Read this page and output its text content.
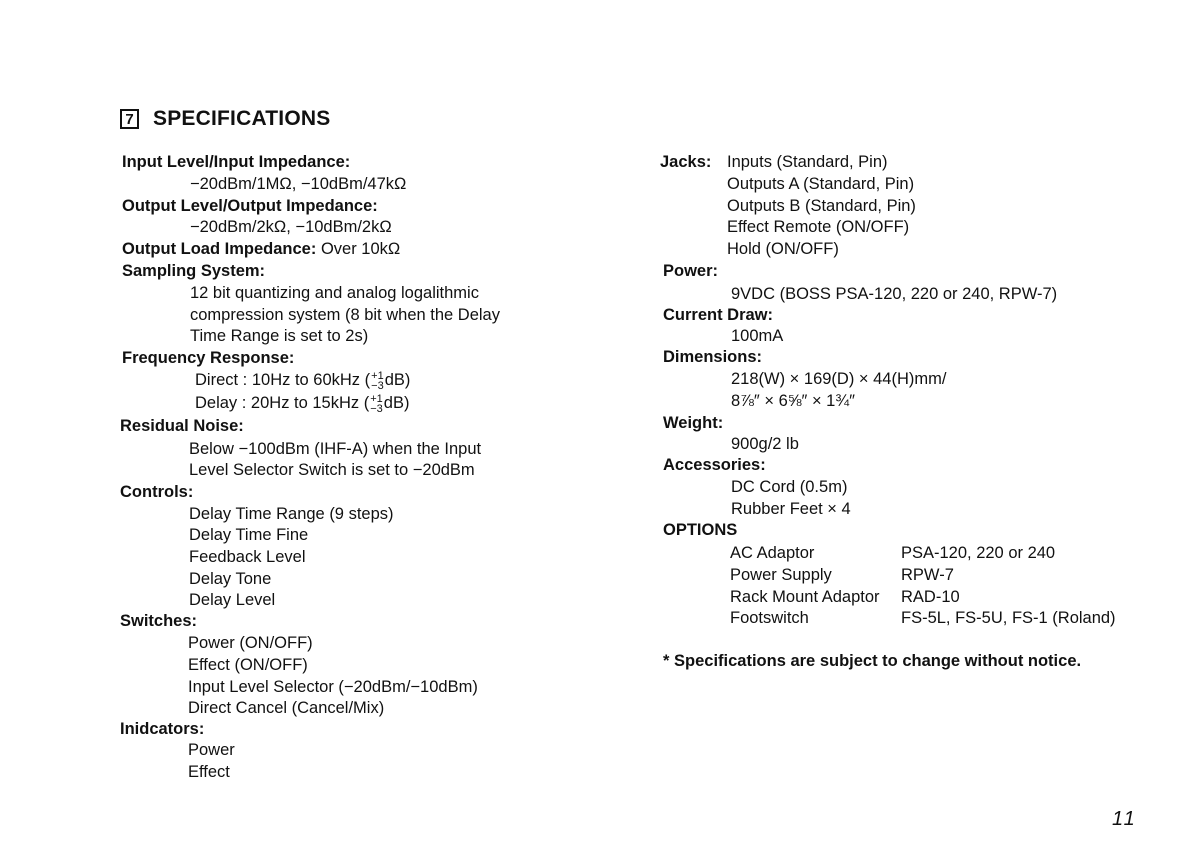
7 SPECIFICATIONS
Input Level/Input Impedance:
−20dBm/1MΩ, −10dBm/47kΩ
Output Level/Output Impedance:
−20dBm/2kΩ, −10dBm/2kΩ
Output Load Impedance: Over 10kΩ
Sampling System:
12 bit quantizing and analog logalithmic
compression system (8 bit when the Delay
Time Range is set to 2s)
Frequency Response:
Direct : 10Hz to 60kHz ( +1
−3 dB)
Delay : 20Hz to 15kHz ( +1
−3 dB)
Residual Noise:
Below −100dBm (IHF-A) when the Input
Level Selector Switch is set to −20dBm
Controls:
Delay Time Range (9 steps)
Delay Time Fine
Feedback Level
Delay Tone
Delay Level
Switches:
Power (ON/OFF)
Effect (ON/OFF)
Input Level Selector (−20dBm/−10dBm)
Direct Cancel (Cancel/Mix)
Inidcators:
Power
Effect
Jacks: Inputs (Standard, Pin)
Outputs A (Standard, Pin)
Outputs B (Standard, Pin)
Effect Remote (ON/OFF)
Hold (ON/OFF)
Power:
9VDC (BOSS PSA-120, 220 or 240, RPW-7)
Current Draw:
100mA
Dimensions:
218(W) × 169(D) × 44(H)mm/
8⅞″ × 6⅝″ × 1¾″
Weight:
900g/2 lb
Accessories:
DC Cord (0.5m)
Rubber Feet × 4
OPTIONS
AC Adaptor	PSA-120, 220 or 240
Power Supply	RPW-7
Rack Mount Adaptor RAD-10
Footswitch	FS-5L, FS-5U, FS-1 (Roland)
* Specifications are subject to change without notice.
11
